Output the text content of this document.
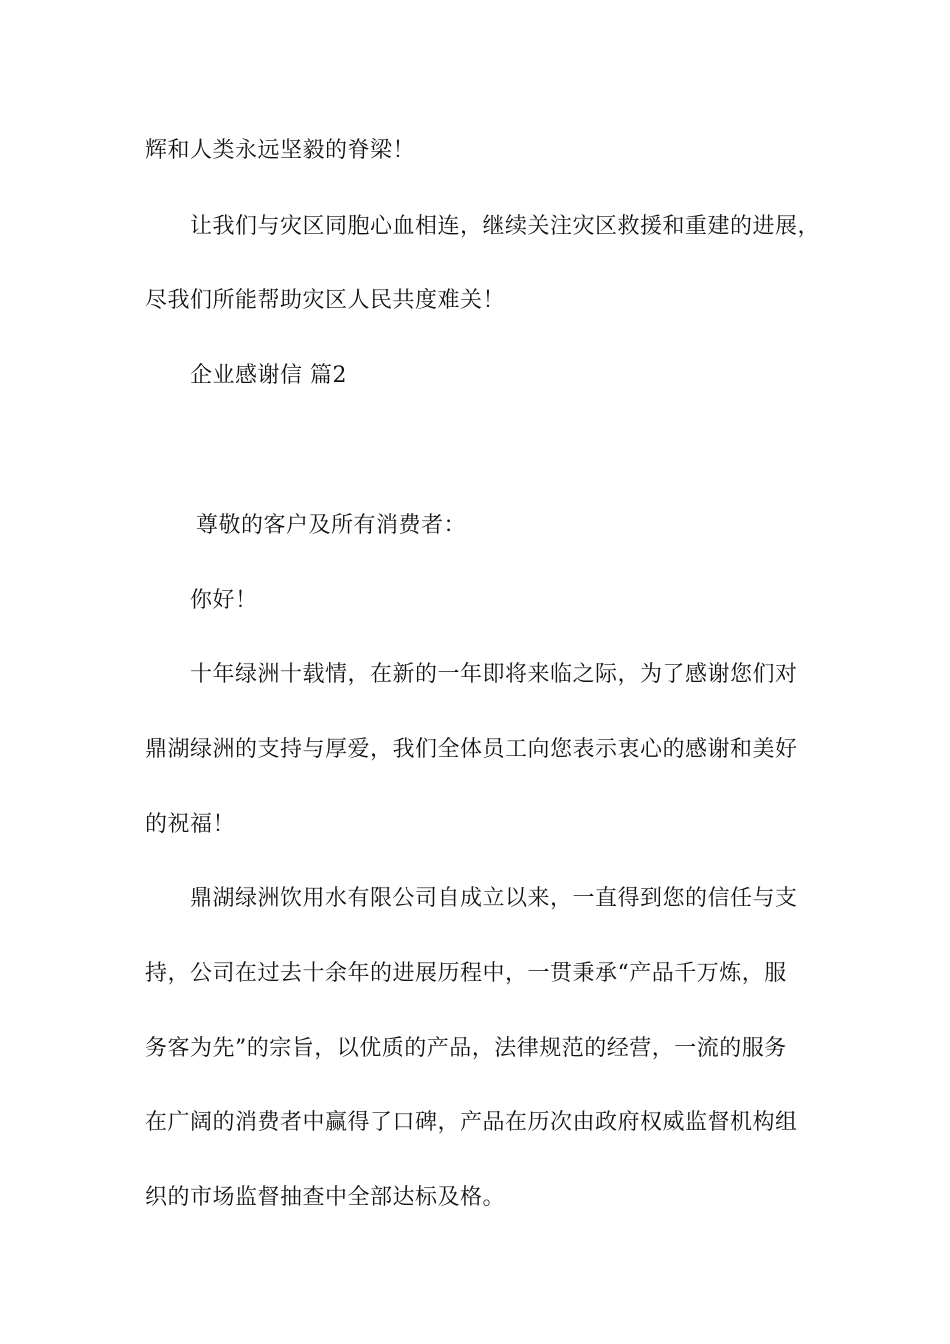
辉和人类永远坚毅的脊梁！
让我们与灾区同胞心血相连，继续关注灾区救援和重建的进展，
尽我们所能帮助灾区人民共度难关！
企业感谢信 篇2
尊敬的客户及所有消费者：
你好！
十年绿洲十载情，在新的一年即将来临之际，为了感谢您们对
鼎湖绿洲的支持与厚爱，我们全体员工向您表示衷心的感谢和美好
的祝福！
鼎湖绿洲饮用水有限公司自成立以来，一直得到您的信任与支
持，公司在过去十余年的进展历程中，一贯秉承“产品千万炼，服
务客为先”的宗旨，以优质的产品，法律规范的经营，一流的服务
在广阔的消费者中赢得了口碑，产品在历次由政府权威监督机构组
织的市场监督抽查中全部达标及格。
